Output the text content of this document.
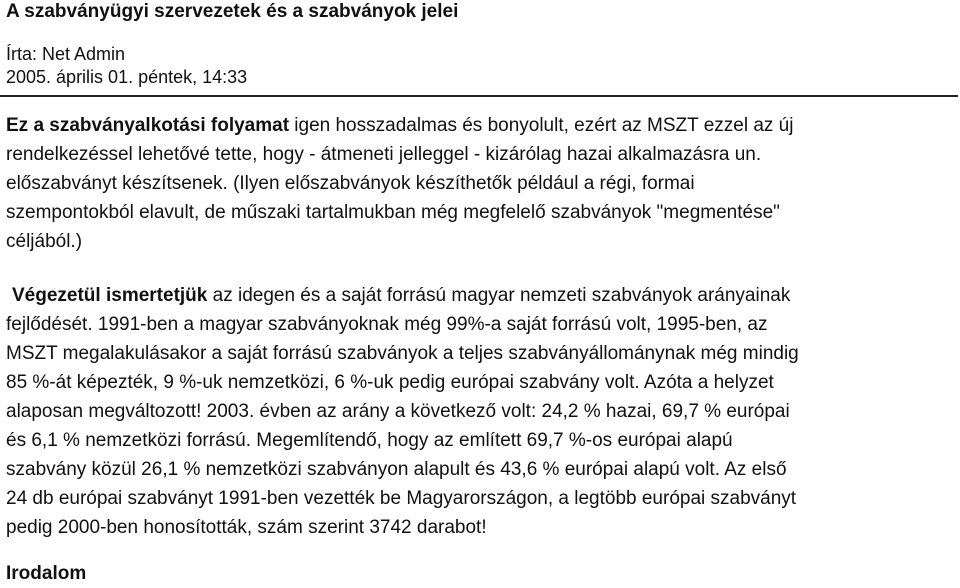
A szabványügyi szervezetek és a szabványok jelei
Írta: Net Admin
2005. április 01. péntek, 14:33
Ez a szabványalkotási folyamat igen hosszadalmas és bonyolult, ezért az MSZT ezzel az új
rendelkezéssel lehetővé tette, hogy - átmeneti jelleggel - kizárólag hazai alkalmazásra un.
előszabványt készítsenek. (Ilyen előszabványok készíthetők például a régi, formai
szempontokból elavult, de műszaki tartalmukban még megfelelő szabványok "megmentése"
céljából.)
Végezetül ismertetjük az idegen és a saját forrású magyar nemzeti szabványok arányainak
fejlődését. 1991-ben a magyar szabványoknak még 99%-a saját forrású volt, 1995-ben, az
MSZT megalakulásakor a saját forrású szabványok a teljes szabványállománynak még mindig
85 %-át képezték, 9 %-uk nemzetközi, 6 %-uk pedig európai szabvány volt. Azóta a helyzet
alaposan megváltozott! 2003. évben az arány a következő volt: 24,2 % hazai, 69,7 % európai
és 6,1 % nemzetközi forrású. Megemlítendő, hogy az említett 69,7 %-os európai alapú
szabvány közül 26,1 % nemzetközi szabványon alapult és 43,6 % európai alapú volt. Az első
24 db európai szabványt 1991-ben vezették be Magyarországon, a legtöbb európai szabványt
pedig 2000-ben honosították, szám szerint 3742 darabot!
Irodalom
